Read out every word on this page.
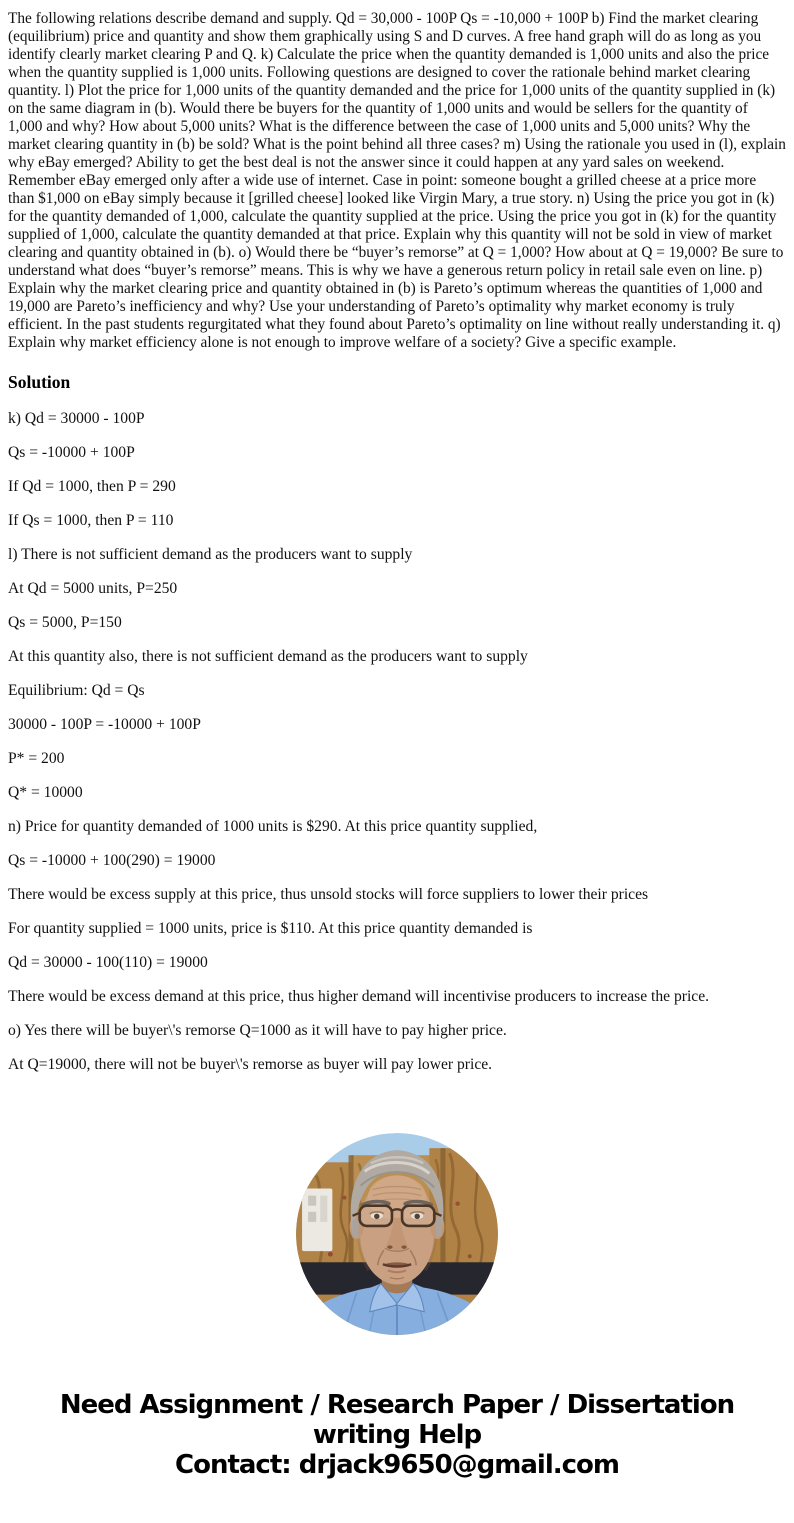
The following relations describe demand and supply. Qd = 30,000 - 100P Qs = -10,000 + 100P b) Find the market clearing (equilibrium) price and quantity and show them graphically using S and D curves. A free hand graph will do as long as you identify clearly market clearing P and Q. k) Calculate the price when the quantity demanded is 1,000 units and also the price when the quantity supplied is 1,000 units. Following questions are designed to cover the rationale behind market clearing quantity. l) Plot the price for 1,000 units of the quantity demanded and the price for 1,000 units of the quantity supplied in (k) on the same diagram in (b). Would there be buyers for the quantity of 1,000 units and would be sellers for the quantity of 1,000 and why? How about 5,000 units? What is the difference between the case of 1,000 units and 5,000 units? Why the market clearing quantity in (b) be sold? What is the point behind all three cases? m) Using the rationale you used in (l), explain why eBay emerged? Ability to get the best deal is not the answer since it could happen at any yard sales on weekend. Remember eBay emerged only after a wide use of internet. Case in point: someone bought a grilled cheese at a price more than $1,000 on eBay simply because it [grilled cheese] looked like Virgin Mary, a true story. n) Using the price you got in (k) for the quantity demanded of 1,000, calculate the quantity supplied at the price. Using the price you got in (k) for the quantity supplied of 1,000, calculate the quantity demanded at that price. Explain why this quantity will not be sold in view of market clearing and quantity obtained in (b). o) Would there be “buyer’s remorse” at Q = 1,000? How about at Q = 19,000? Be sure to understand what does “buyer’s remorse” means. This is why we have a generous return policy in retail sale even on line. p) Explain why the market clearing price and quantity obtained in (b) is Pareto’s optimum whereas the quantities of 1,000 and 19,000 are Pareto’s inefficiency and why? Use your understanding of Pareto’s optimality why market economy is truly efficient. In the past students regurgitated what they found about Pareto’s optimality on line without really understanding it. q) Explain why market efficiency alone is not enough to improve welfare of a society? Give a specific example.

Solution

k) Qd = 30000 - 100P

Qs = -10000 + 100P

If Qd = 1000, then P = 290

If Qs = 1000, then P = 110

l) There is not sufficient demand as the producers want to supply

At Qd = 5000 units, P=250

Qs = 5000, P=150

At this quantity also, there is not sufficient demand as the producers want to supply

Equilibrium: Qd = Qs

30000 - 100P = -10000 + 100P

P* = 200

Q* = 10000

n) Price for quantity demanded of 1000 units is $290. At this price quantity supplied,

Qs = -10000 + 100(290) = 19000

There would be excess supply at this price, thus unsold stocks will force suppliers to lower their prices

For quantity supplied = 1000 units, price is $110. At this price quantity demanded is

Qd = 30000 - 100(110) = 19000

There would be excess demand at this price, thus higher demand will incentivise producers to increase the price.

o) Yes there will be buyer\'s remorse Q=1000 as it will have to pay higher price.

At Q=19000, there will not be buyer\'s remorse as buyer will pay lower price.

Need Assignment / Research Paper / Dissertation
writing Help
Contact: drjack9650@gmail.com
